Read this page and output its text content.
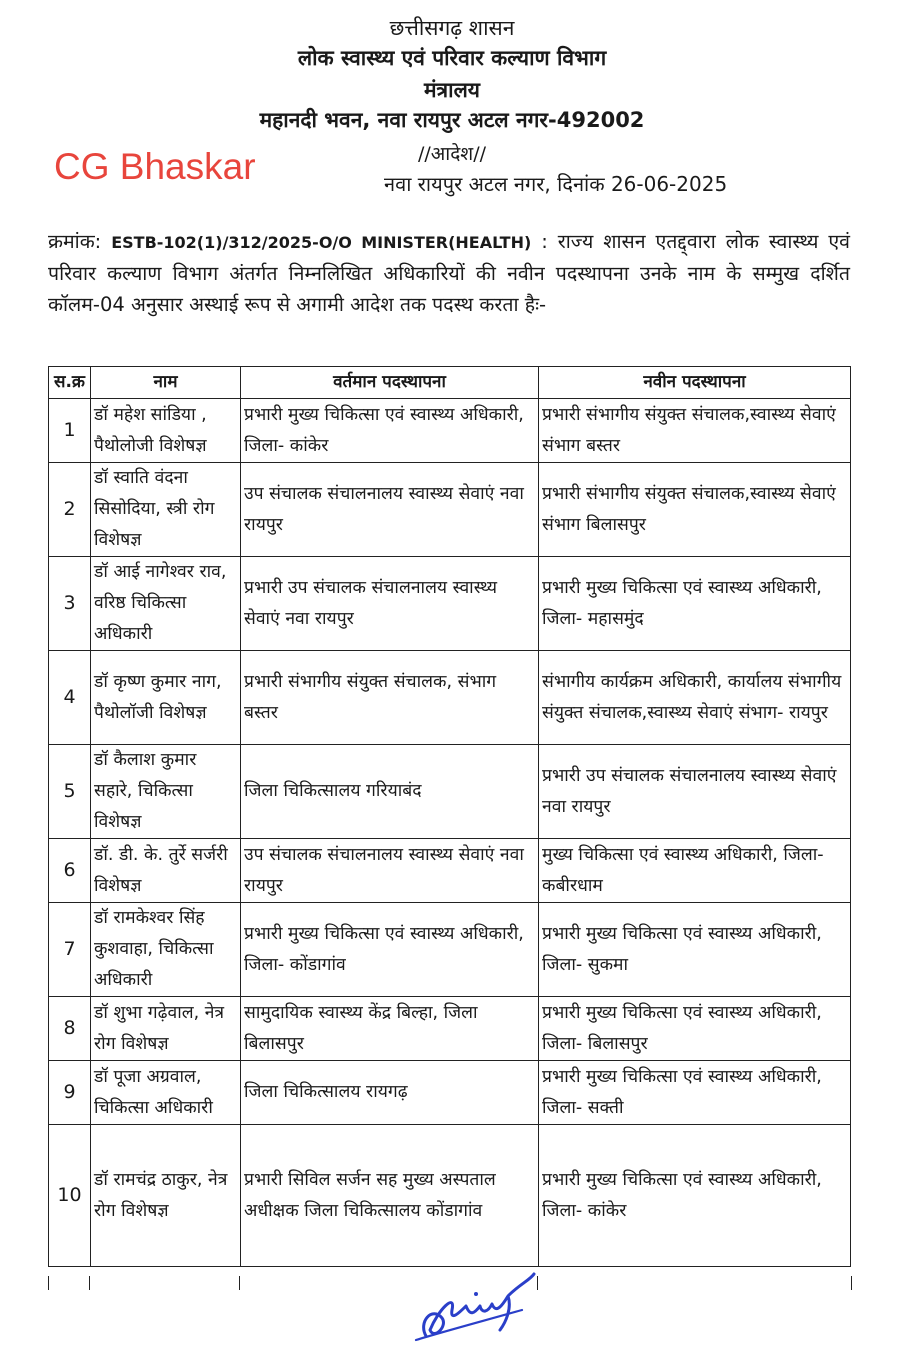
छत्तीसगढ़ शासन
लोक स्वास्थ्य एवं परिवार कल्याण विभाग
मंत्रालय
महानदी भवन, नवा रायपुर अटल नगर-492002
//आदेश//
CG Bhaskar	नवा रायपुर अटल नगर, दिनांक 26-06-2025
क्रमांक: ESTB-102(1)/312/2025-O/O MINISTER(HEALTH) : राज्य शासन एतद्द्वारा लोक स्वास्थ्य एवं परिवार कल्याण विभाग अंतर्गत निम्नलिखित अधिकारियों की नवीन पदस्थापना उनके नाम के सम्मुख दर्शित कॉलम-04 अनुसार अस्थाई रूप से अगामी आदेश तक पदस्थ करता हैः-
स.क्र	नाम	वर्तमान पदस्थापना	नवीन पदस्थापना
1	डॉ महेश सांडिया , पैथोलोजी विशेषज्ञ	प्रभारी मुख्य चिकित्सा एवं स्वास्थ्य अधिकारी, जिला- कांकेर	प्रभारी संभागीय संयुक्त संचालक,स्वास्थ्य सेवाएं संभाग बस्तर
2	डॉ स्वाति वंदना सिसोदिया, स्त्री रोग विशेषज्ञ	उप संचालक संचालनालय स्वास्थ्य सेवाएं नवा रायपुर	प्रभारी संभागीय संयुक्त संचालक,स्वास्थ्य सेवाएं संभाग बिलासपुर
3	डॉ आई नागेश्वर राव, वरिष्ठ चिकित्सा अधिकारी	प्रभारी उप संचालक संचालनालय स्वास्थ्य सेवाएं नवा रायपुर	प्रभारी मुख्य चिकित्सा एवं स्वास्थ्य अधिकारी, जिला- महासमुंद
4	डॉ कृष्ण कुमार नाग, पैथोलॉजी विशेषज्ञ	प्रभारी संभागीय संयुक्त संचालक, संभाग बस्तर	संभागीय कार्यक्रम अधिकारी, कार्यालय संभागीय संयुक्त संचालक,स्वास्थ्य सेवाएं संभाग- रायपुर
5	डॉ कैलाश कुमार सहारे, चिकित्सा विशेषज्ञ	जिला चिकित्सालय गरियाबंद	प्रभारी उप संचालक संचालनालय स्वास्थ्य सेवाएं नवा रायपुर
6	डॉ. डी. के. तुर्रे सर्जरी विशेषज्ञ	उप संचालक संचालनालय स्वास्थ्य सेवाएं नवा रायपुर	मुख्य चिकित्सा एवं स्वास्थ्य अधिकारी, जिला- कबीरधाम
7	डॉ रामकेश्वर सिंह कुशवाहा, चिकित्सा अधिकारी	प्रभारी मुख्य चिकित्सा एवं स्वास्थ्य अधिकारी, जिला- कोंडागांव	प्रभारी मुख्य चिकित्सा एवं स्वास्थ्य अधिकारी, जिला- सुकमा
8	डॉ शुभा गढ़ेवाल, नेत्र रोग विशेषज्ञ	सामुदायिक स्वास्थ्य केंद्र बिल्हा, जिला बिलासपुर	प्रभारी मुख्य चिकित्सा एवं स्वास्थ्य अधिकारी, जिला- बिलासपुर
9	डॉ पूजा अग्रवाल, चिकित्सा अधिकारी	जिला चिकित्सालय रायगढ़	प्रभारी मुख्य चिकित्सा एवं स्वास्थ्य अधिकारी, जिला- सक्ती
10	डॉ रामचंद्र ठाकुर, नेत्र रोग विशेषज्ञ	प्रभारी सिविल सर्जन सह मुख्य अस्पताल अधीक्षक जिला चिकित्सालय कोंडागांव	प्रभारी मुख्य चिकित्सा एवं स्वास्थ्य अधिकारी, जिला- कांकेर
